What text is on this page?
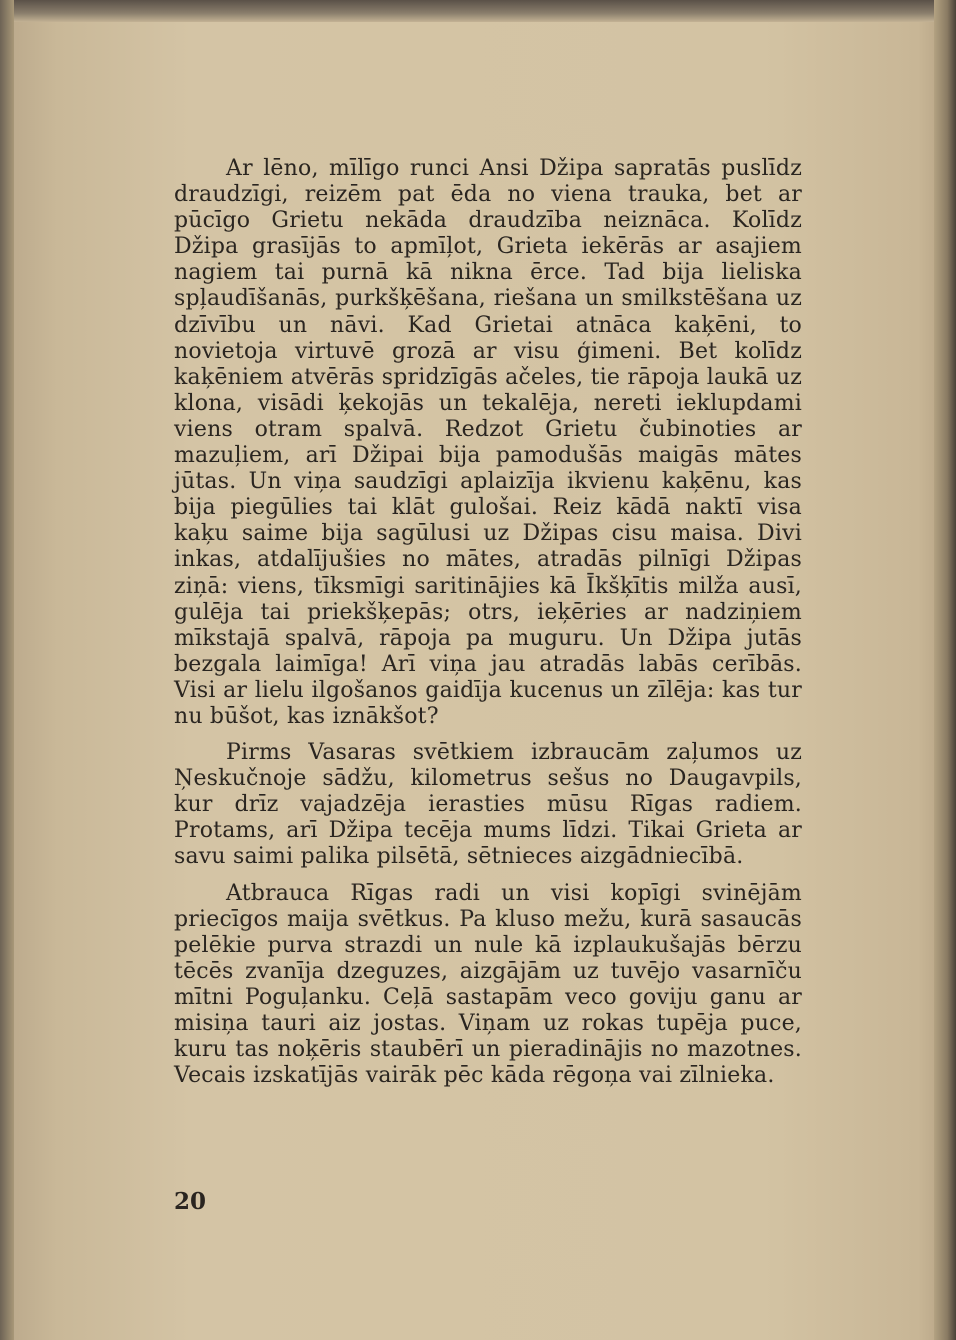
Ar lēno, mīlīgo runci Ansi Džipa sapratās puslīdz draudzīgi, reizēm pat ēda no viena trauka, bet ar pūcīgo Grietu nekāda draudzība neiznāca. Kolīdz Džipa grasījās to apmīļot, Grieta iekērās ar asajiem nagiem tai purnā kā nikna ērce. Tad bija lieliska spļaudīšanās, purkšķēšana, riešana un smilkstēšana uz dzīvību un nāvi. Kad Grietai atnāca kaķēni, to novietoja virtuvē grozā ar visu ģimeni. Bet kolīdz kaķēniem atvērās spridzīgās ačeles, tie rāpoja laukā uz klona, visādi ķekojās un tekalēja, nereti ieklupdami viens otram spalvā. Redzot Grietu čubinoties ar mazuļiem, arī Džipai bija pamodušās maigās mātes jūtas. Un viņa saudzīgi aplaizīja ikvienu kaķēnu, kas bija piegūlies tai klāt gulošai. Reiz kādā naktī visa kaķu saime bija sagūlusi uz Džipas cisu maisa. Divi inkas, atdalījušies no mātes, atradās pilnīgi Džipas ziņā: viens, tīksmīgi saritinājies kā Īkšķītis milža ausī, gulēja tai priekšķepās; otrs, ieķēries ar nadziņiem mīkstajā spalvā, rāpoja pa muguru. Un Džipa jutās bezgala laimīga! Arī viņa jau atradās labās cerībās. Visi ar lielu ilgošanos gaidīja kucenus un zīlēja: kas tur nu būšot, kas iznākšot?

Pirms Vasaras svētkiem izbraucām zaļumos uz Ņeskučnoje sādžu, kilometrus sešus no Daugavpils, kur drīz vajadzēja ierasties mūsu Rīgas radiem. Protams, arī Džipa tecēja mums līdzi. Tikai Grieta ar savu saimi palika pilsētā, sētnieces aizgādniecībā.

Atbrauca Rīgas radi un visi kopīgi svinējām priecīgos maija svētkus. Pa kluso mežu, kurā sasaucās pelēkie purva strazdi un nule kā izplaukušajās bērzu tēcēs zvanīja dzeguzes, aizgājām uz tuvējo vasarnīču mītni Poguļanku. Ceļā sastapām veco goviju ganu ar misiņa tauri aiz jostas. Viņam uz rokas tupēja puce, kuru tas noķēris staubērī un pieradinājis no mazotnes. Vecais izskatījās vairāk pēc kāda rēgoņa vai zīlnieka.

20
